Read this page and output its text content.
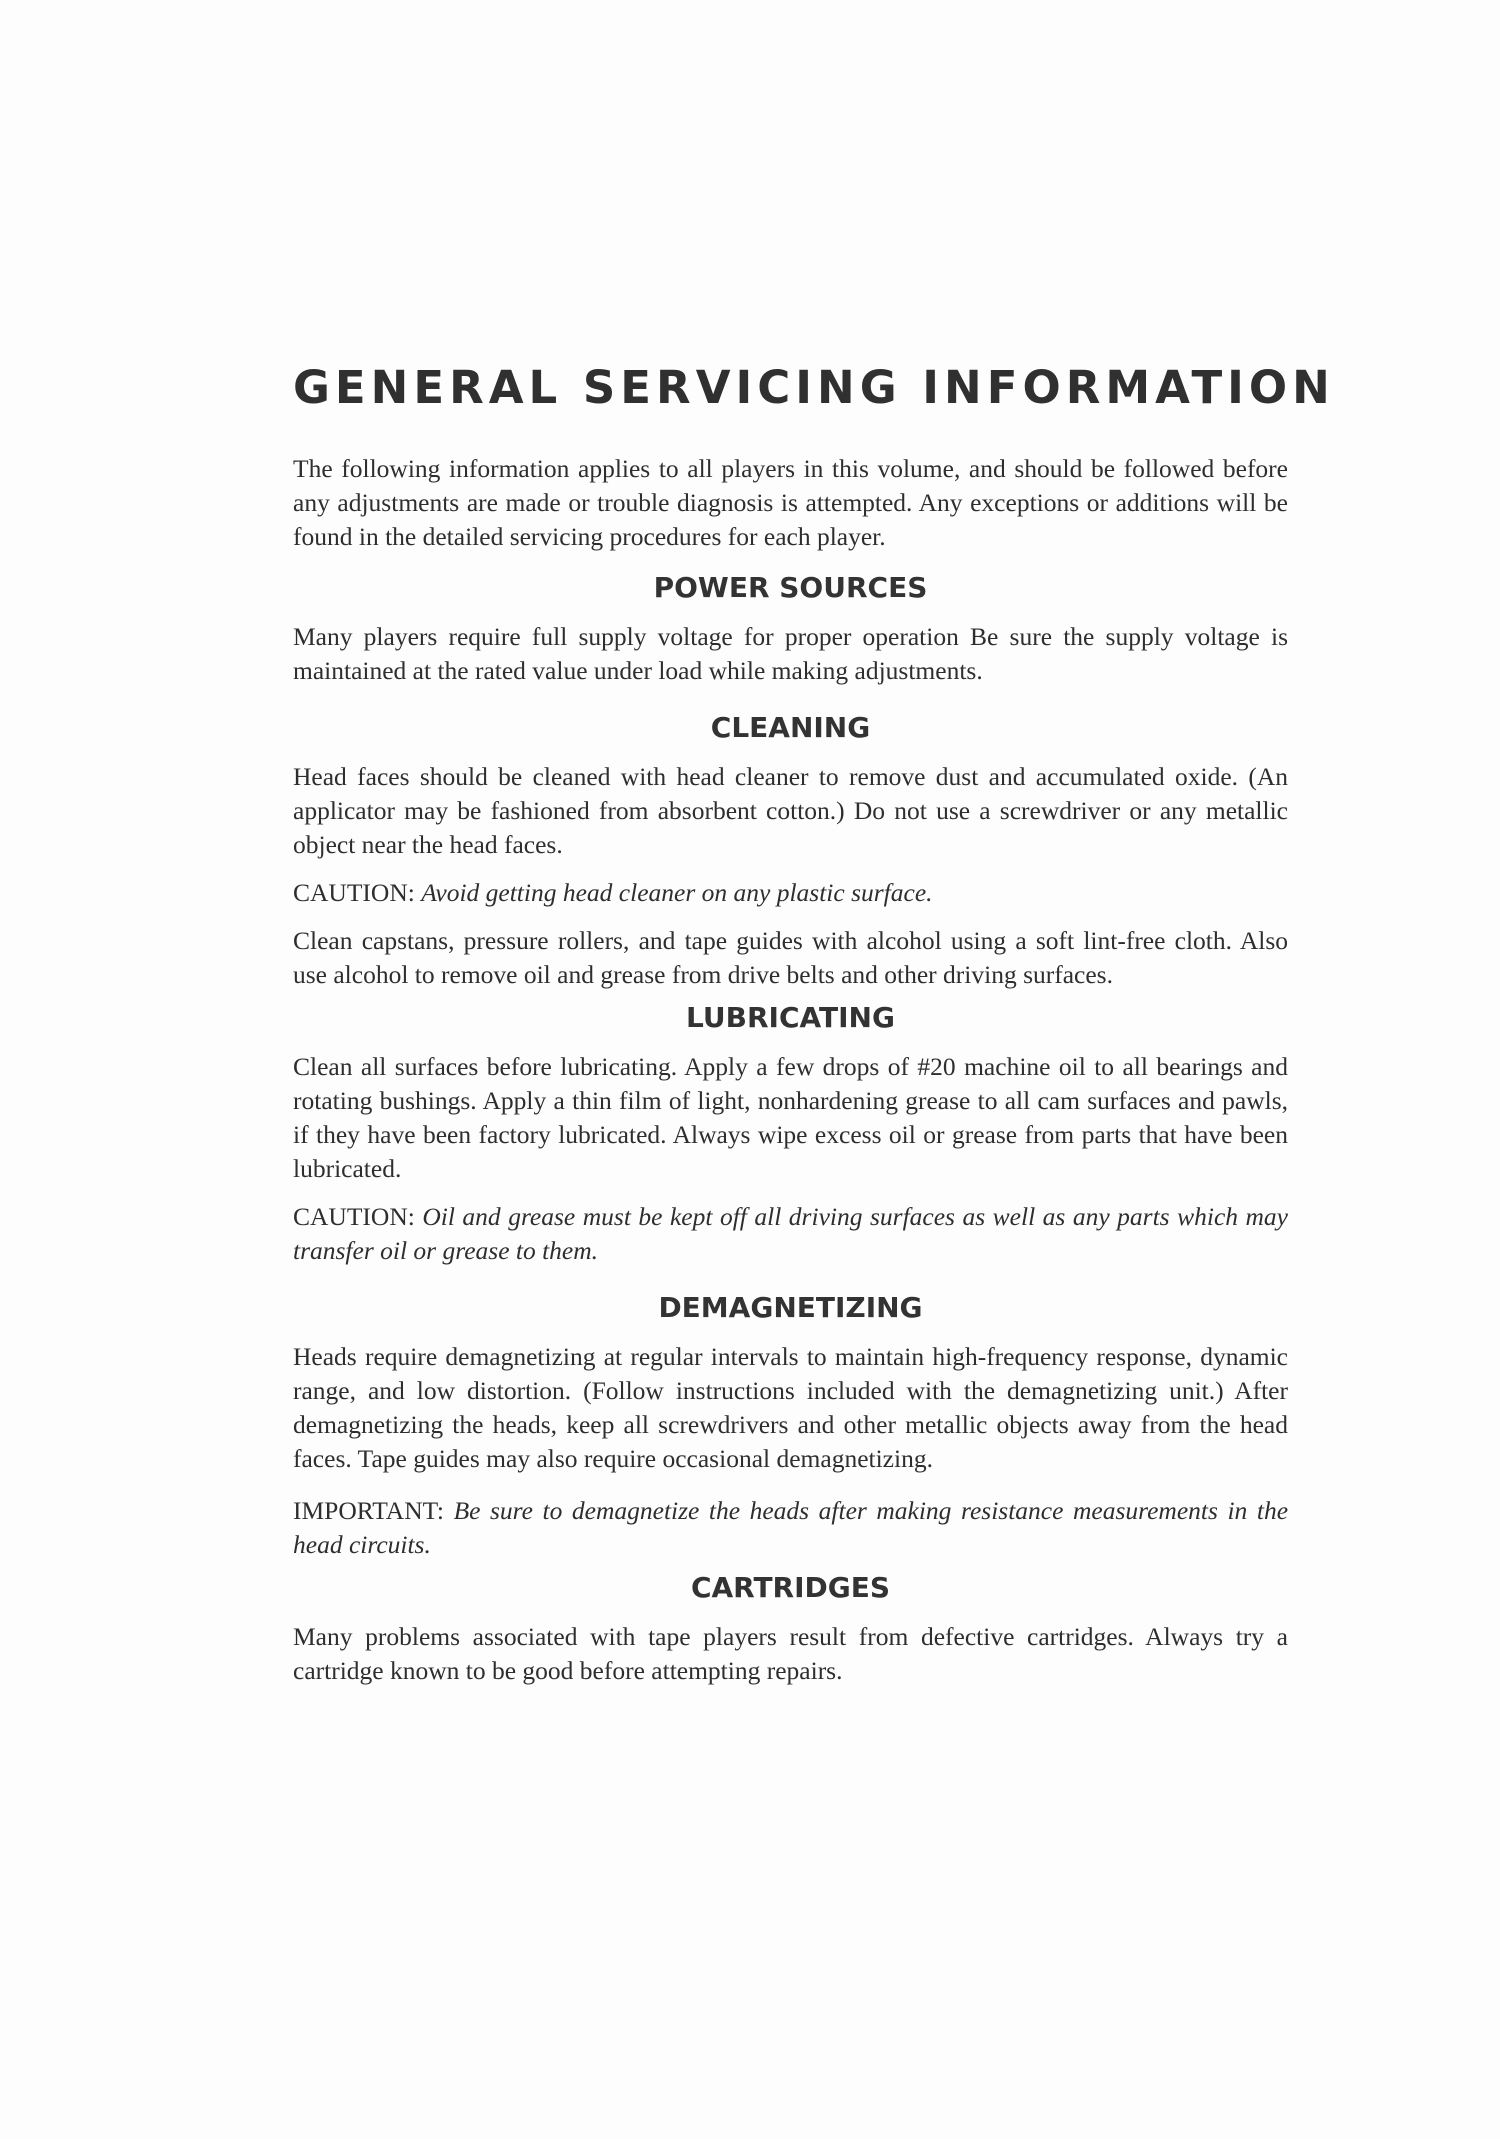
GENERAL SERVICING INFORMATION

The following information applies to all players in this volume, and should be followed before any adjustments are made or trouble diagnosis is attempted. Any exceptions or additions will be found in the detailed servicing procedures for each player.

POWER SOURCES

Many players require full supply voltage for proper operation Be sure the supply voltage is maintained at the rated value under load while making adjustments.

CLEANING

Head faces should be cleaned with head cleaner to remove dust and accumulated oxide. (An applicator may be fashioned from absorbent cotton.) Do not use a screwdriver or any metallic object near the head faces.

CAUTION: Avoid getting head cleaner on any plastic surface.

Clean capstans, pressure rollers, and tape guides with alcohol using a soft lint-free cloth. Also use alcohol to remove oil and grease from drive belts and other driving surfaces.

LUBRICATING

Clean all surfaces before lubricating. Apply a few drops of #20 machine oil to all bearings and rotating bushings. Apply a thin film of light, nonhardening grease to all cam surfaces and pawls, if they have been factory lubricated. Always wipe excess oil or grease from parts that have been lubricated.

CAUTION: Oil and grease must be kept off all driving surfaces as well as any parts which may transfer oil or grease to them.

DEMAGNETIZING

Heads require demagnetizing at regular intervals to maintain high-frequency response, dynamic range, and low distortion. (Follow instructions included with the demagnetizing unit.) After demagnetizing the heads, keep all screwdrivers and other metallic objects away from the head faces. Tape guides may also require occasional demagnetizing.

IMPORTANT: Be sure to demagnetize the heads after making resistance measurements in the head circuits.

CARTRIDGES

Many problems associated with tape players result from defective cartridges. Always try a cartridge known to be good before attempting repairs.
